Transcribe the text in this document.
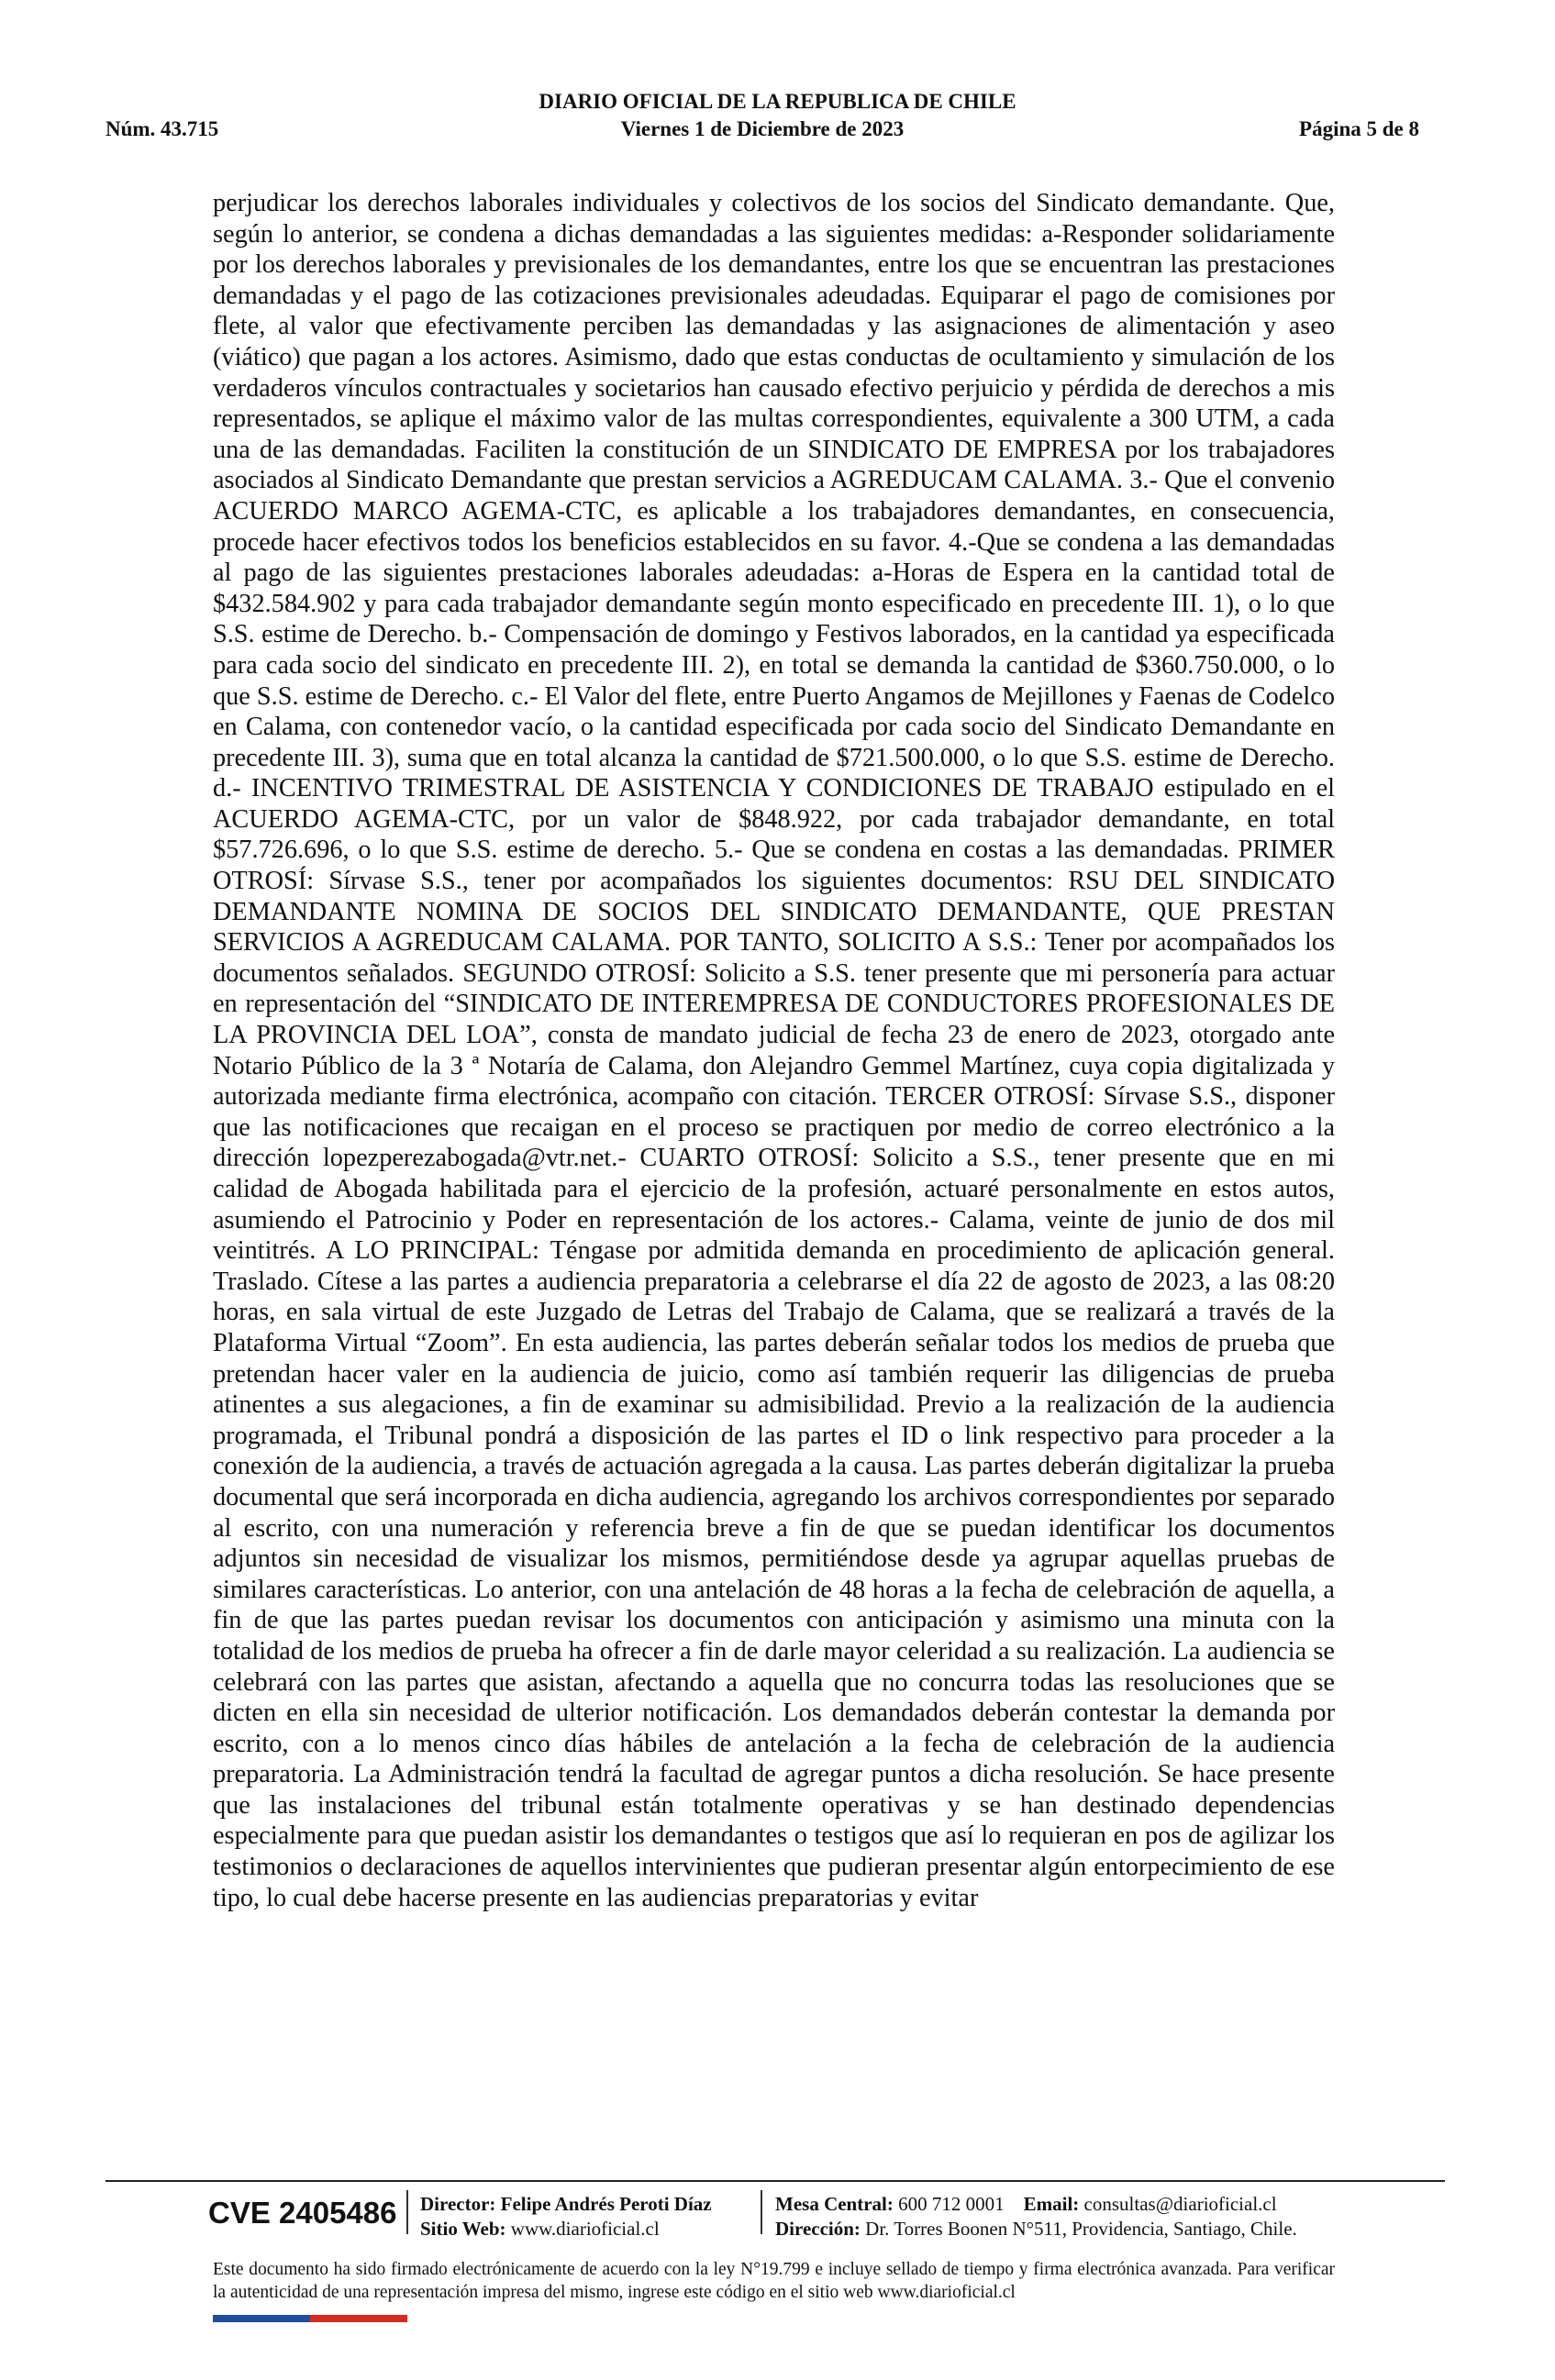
DIARIO OFICIAL DE LA REPUBLICA DE CHILE
Núm. 43.715	Viernes 1 de Diciembre de 2023	Página 5 de 8
perjudicar los derechos laborales individuales y colectivos de los socios del Sindicato demandante. Que, según lo anterior, se condena a dichas demandadas a las siguientes medidas: a-Responder solidariamente por los derechos laborales y previsionales de los demandantes, entre los que se encuentran las prestaciones demandadas y el pago de las cotizaciones previsionales adeudadas. Equiparar el pago de comisiones por flete, al valor que efectivamente perciben las demandadas y las asignaciones de alimentación y aseo (viático) que pagan a los actores. Asimismo, dado que estas conductas de ocultamiento y simulación de los verdaderos vínculos contractuales y societarios han causado efectivo perjuicio y pérdida de derechos a mis representados, se aplique el máximo valor de las multas correspondientes, equivalente a 300 UTM, a cada una de las demandadas. Faciliten la constitución de un SINDICATO DE EMPRESA por los trabajadores asociados al Sindicato Demandante que prestan servicios a AGREDUCAM CALAMA. 3.- Que el convenio ACUERDO MARCO AGEMA-CTC, es aplicable a los trabajadores demandantes, en consecuencia, procede hacer efectivos todos los beneficios establecidos en su favor. 4.-Que se condena a las demandadas al pago de las siguientes prestaciones laborales adeudadas: a-Horas de Espera en la cantidad total de $432.584.902 y para cada trabajador demandante según monto especificado en precedente III. 1), o lo que S.S. estime de Derecho. b.- Compensación de domingo y Festivos laborados, en la cantidad ya especificada para cada socio del sindicato en precedente III. 2), en total se demanda la cantidad de $360.750.000, o lo que S.S. estime de Derecho. c.- El Valor del flete, entre Puerto Angamos de Mejillones y Faenas de Codelco en Calama, con contenedor vacío, o la cantidad especificada por cada socio del Sindicato Demandante en precedente III. 3), suma que en total alcanza la cantidad de $721.500.000, o lo que S.S. estime de Derecho. d.- INCENTIVO TRIMESTRAL DE ASISTENCIA Y CONDICIONES DE TRABAJO estipulado en el ACUERDO AGEMA-CTC, por un valor de $848.922, por cada trabajador demandante, en total $57.726.696, o lo que S.S. estime de derecho. 5.- Que se condena en costas a las demandadas. PRIMER OTROSÍ: Sírvase S.S., tener por acompañados los siguientes documentos: RSU DEL SINDICATO DEMANDANTE NOMINA DE SOCIOS DEL SINDICATO DEMANDANTE, QUE PRESTAN SERVICIOS A AGREDUCAM CALAMA. POR TANTO, SOLICITO A S.S.: Tener por acompañados los documentos señalados. SEGUNDO OTROSÍ: Solicito a S.S. tener presente que mi personería para actuar en representación del “SINDICATO DE INTEREMPRESA DE CONDUCTORES PROFESIONALES DE LA PROVINCIA DEL LOA”, consta de mandato judicial de fecha 23 de enero de 2023, otorgado ante Notario Público de la 3 ª Notaría de Calama, don Alejandro Gemmel Martínez, cuya copia digitalizada y autorizada mediante firma electrónica, acompaño con citación. TERCER OTROSÍ: Sírvase S.S., disponer que las notificaciones que recaigan en el proceso se practiquen por medio de correo electrónico a la dirección lopezperezabogada@vtr.net.- CUARTO OTROSÍ: Solicito a S.S., tener presente que en mi calidad de Abogada habilitada para el ejercicio de la profesión, actuaré personalmente en estos autos, asumiendo el Patrocinio y Poder en representación de los actores.- Calama, veinte de junio de dos mil veintitrés. A LO PRINCIPAL: Téngase por admitida demanda en procedimiento de aplicación general. Traslado. Cítese a las partes a audiencia preparatoria a celebrarse el día 22 de agosto de 2023, a las 08:20 horas, en sala virtual de este Juzgado de Letras del Trabajo de Calama, que se realizará a través de la Plataforma Virtual “Zoom”. En esta audiencia, las partes deberán señalar todos los medios de prueba que pretendan hacer valer en la audiencia de juicio, como así también requerir las diligencias de prueba atinentes a sus alegaciones, a fin de examinar su admisibilidad. Previo a la realización de la audiencia programada, el Tribunal pondrá a disposición de las partes el ID o link respectivo para proceder a la conexión de la audiencia, a través de actuación agregada a la causa. Las partes deberán digitalizar la prueba documental que será incorporada en dicha audiencia, agregando los archivos correspondientes por separado al escrito, con una numeración y referencia breve a fin de que se puedan identificar los documentos adjuntos sin necesidad de visualizar los mismos, permitiéndose desde ya agrupar aquellas pruebas de similares características. Lo anterior, con una antelación de 48 horas a la fecha de celebración de aquella, a fin de que las partes puedan revisar los documentos con anticipación y asimismo una minuta con la totalidad de los medios de prueba ha ofrecer a fin de darle mayor celeridad a su realización. La audiencia se celebrará con las partes que asistan, afectando a aquella que no concurra todas las resoluciones que se dicten en ella sin necesidad de ulterior notificación. Los demandados deberán contestar la demanda por escrito, con a lo menos cinco días hábiles de antelación a la fecha de celebración de la audiencia preparatoria. La Administración tendrá la facultad de agregar puntos a dicha resolución. Se hace presente que las instalaciones del tribunal están totalmente operativas y se han destinado dependencias especialmente para que puedan asistir los demandantes o testigos que así lo requieran en pos de agilizar los testimonios o declaraciones de aquellos intervinientes que pudieran presentar algún entorpecimiento de ese tipo, lo cual debe hacerse presente en las audiencias preparatorias y evitar
CVE 2405486 Director: Felipe Andrés Peroti Díaz
Sitio Web: www.diarioficial.cl
Mesa Central: 600 712 0001 Email: consultas@diarioficial.cl
Dirección: Dr. Torres Boonen N°511, Providencia, Santiago, Chile.
Este documento ha sido firmado electrónicamente de acuerdo con la ley N°19.799 e incluye sellado de tiempo y firma electrónica avanzada. Para verificar la autenticidad de una representación impresa del mismo, ingrese este código en el sitio web www.diarioficial.cl
